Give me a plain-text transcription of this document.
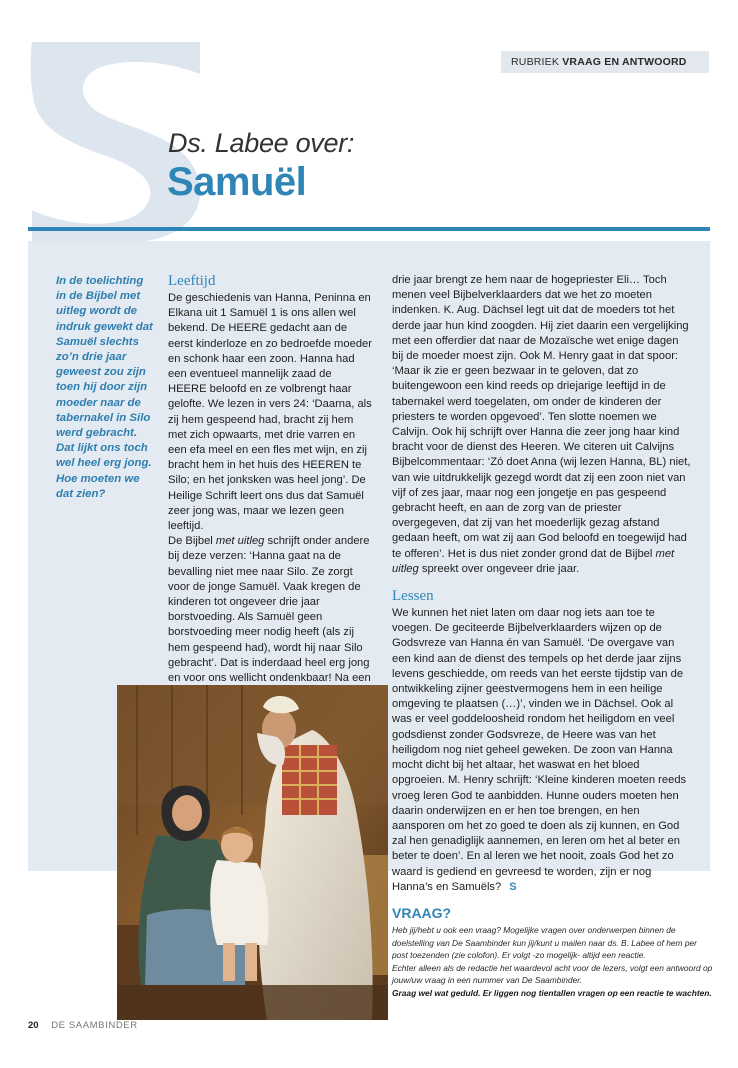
RUBRIEK VRAAG EN ANTWOORD
Ds. Labee over:
Samuël
In de toelichting in de Bijbel met uitleg wordt de indruk gewekt dat Samuël slechts zo’n drie jaar geweest zou zijn toen hij door zijn moeder naar de tabernakel in Silo werd gebracht. Dat lijkt ons toch wel heel erg jong. Hoe moeten we dat zien?
Leeftijd

De geschiedenis van Hanna, Peninna en Elkana uit 1 Samuël 1 is ons allen wel bekend. De HEERE gedacht aan de eerst kinderloze en zo bedroefde moeder en schonk haar een zoon. Hanna had een eventueel mannelijk zaad de HEERE beloofd en ze volbrengt haar gelofte. We lezen in vers 24: ‘Daarna, als zij hem gespeend had, bracht zij hem met zich opwaarts, met drie varren en een efa meel en een fles met wijn, en zij bracht hem in het huis des HEEREN te Silo; en het jonksken was heel jong’. De Heilige Schrift leert ons dus dat Samuël zeer jong was, maar we lezen geen leeftijd.

De Bijbel met uitleg schrijft onder andere bij deze verzen: ‘Hanna gaat na de bevalling niet mee naar Silo. Ze zorgt voor de jonge Samuël. Vaak kregen de kinderen tot ongeveer drie jaar borstvoeding. Als Samuël geen borstvoeding meer nodig heeft (als zij hem gespeend had), wordt hij naar Silo gebracht’. Dat is inderdaad heel erg jong en voor ons wellicht ondenkbaar! Na een

drie jaar brengt ze hem naar de hogepriester Eli… Toch menen veel Bijbelverklaarders dat we het zo moeten indenken. K. Aug. Dächsel legt uit dat de moeders tot het derde jaar hun kind zoogden. Hij ziet daarin een vergelijking met een offerdier dat naar de Mozaïsche wet enige dagen bij de moeder moest zijn. Ook M. Henry gaat in dat spoor: ‘Maar ik zie er geen bezwaar in te geloven, dat zo buitengewoon een kind reeds op driejarige leeftijd in de tabernakel werd toegelaten, om onder de kinderen der priesters te worden opgevoed’. Ten slotte noemen we Calvijn. Ook hij schrijft over Hanna die zeer jong haar kind bracht voor de dienst des Heeren. We citeren uit Calvijns Bijbelcommentaar: ‘Zó doet Anna (wij lezen Hanna, BL) niet, van wie uitdrukkelijk gezegd wordt dat zij een zoon niet van vijf of zes jaar, maar nog een jongetje en pas gespeend gebracht heeft, en aan de zorg van de priester overgegeven, dat zij van het moederlijk gezag afstand gedaan heeft, om wat zij aan God beloofd en toegewijd had te offeren’. Het is dus niet zonder grond dat de Bijbel met uitleg spreekt over ongeveer drie jaar.

Lessen

We kunnen het niet laten om daar nog iets aan toe te voegen. De geciteerde Bijbelverklaarders wijzen op de Godsvreze van Hanna én van Samuël. ‘De overgave van een kind aan de dienst des tempels op het derde jaar zijns levens geschiedde, om reeds van het eerste tijdstip van de ontwikkeling zijner geestvermogens hem in een heilige omgeving te plaatsen (…)’, vinden we in Dächsel. Ook al was er veel goddeloosheid rondom het heiligdom en veel godsdienst zonder Godsvreze, de Heere was van het heiligdom nog niet geheel geweken. De zoon van Hanna mocht dicht bij het altaar, het waswat en het bloed opgroeien. M. Henry schrijft: ‘Kleine kinderen moeten reeds vroeg leren God te aanbidden. Hunne ouders moeten hen daarin onderwijzen en er hen toe brengen, en hen aansporen om het zo goed te doen als zij kunnen, en God zal hen genadiglijk aannemen, en leren om het al beter en beter te doen’. En al leren we het nooit, zoals God het zo waard is gediend en gevreesd te worden, zijn er nog Hanna’s en Samuëls? S

VRAAG?

Heb jij/hebt u ook een vraag? Mogelijke vragen over onderwerpen binnen de doelstelling van De Saambinder kun jij/kunt u mailen naar ds. B. Labee of hem per post toezenden (zie colofon). Er volgt -zo mogelijk- altijd een reactie.

Echter alleen als de redactie het waardevol acht voor de lezers, volgt een antwoord op jouw/uw vraag in een nummer van De Saambinder.

Graag wel wat geduld. Er liggen nog tientallen vragen op een reactie te wachten.

20 DE SAAMBINDER
